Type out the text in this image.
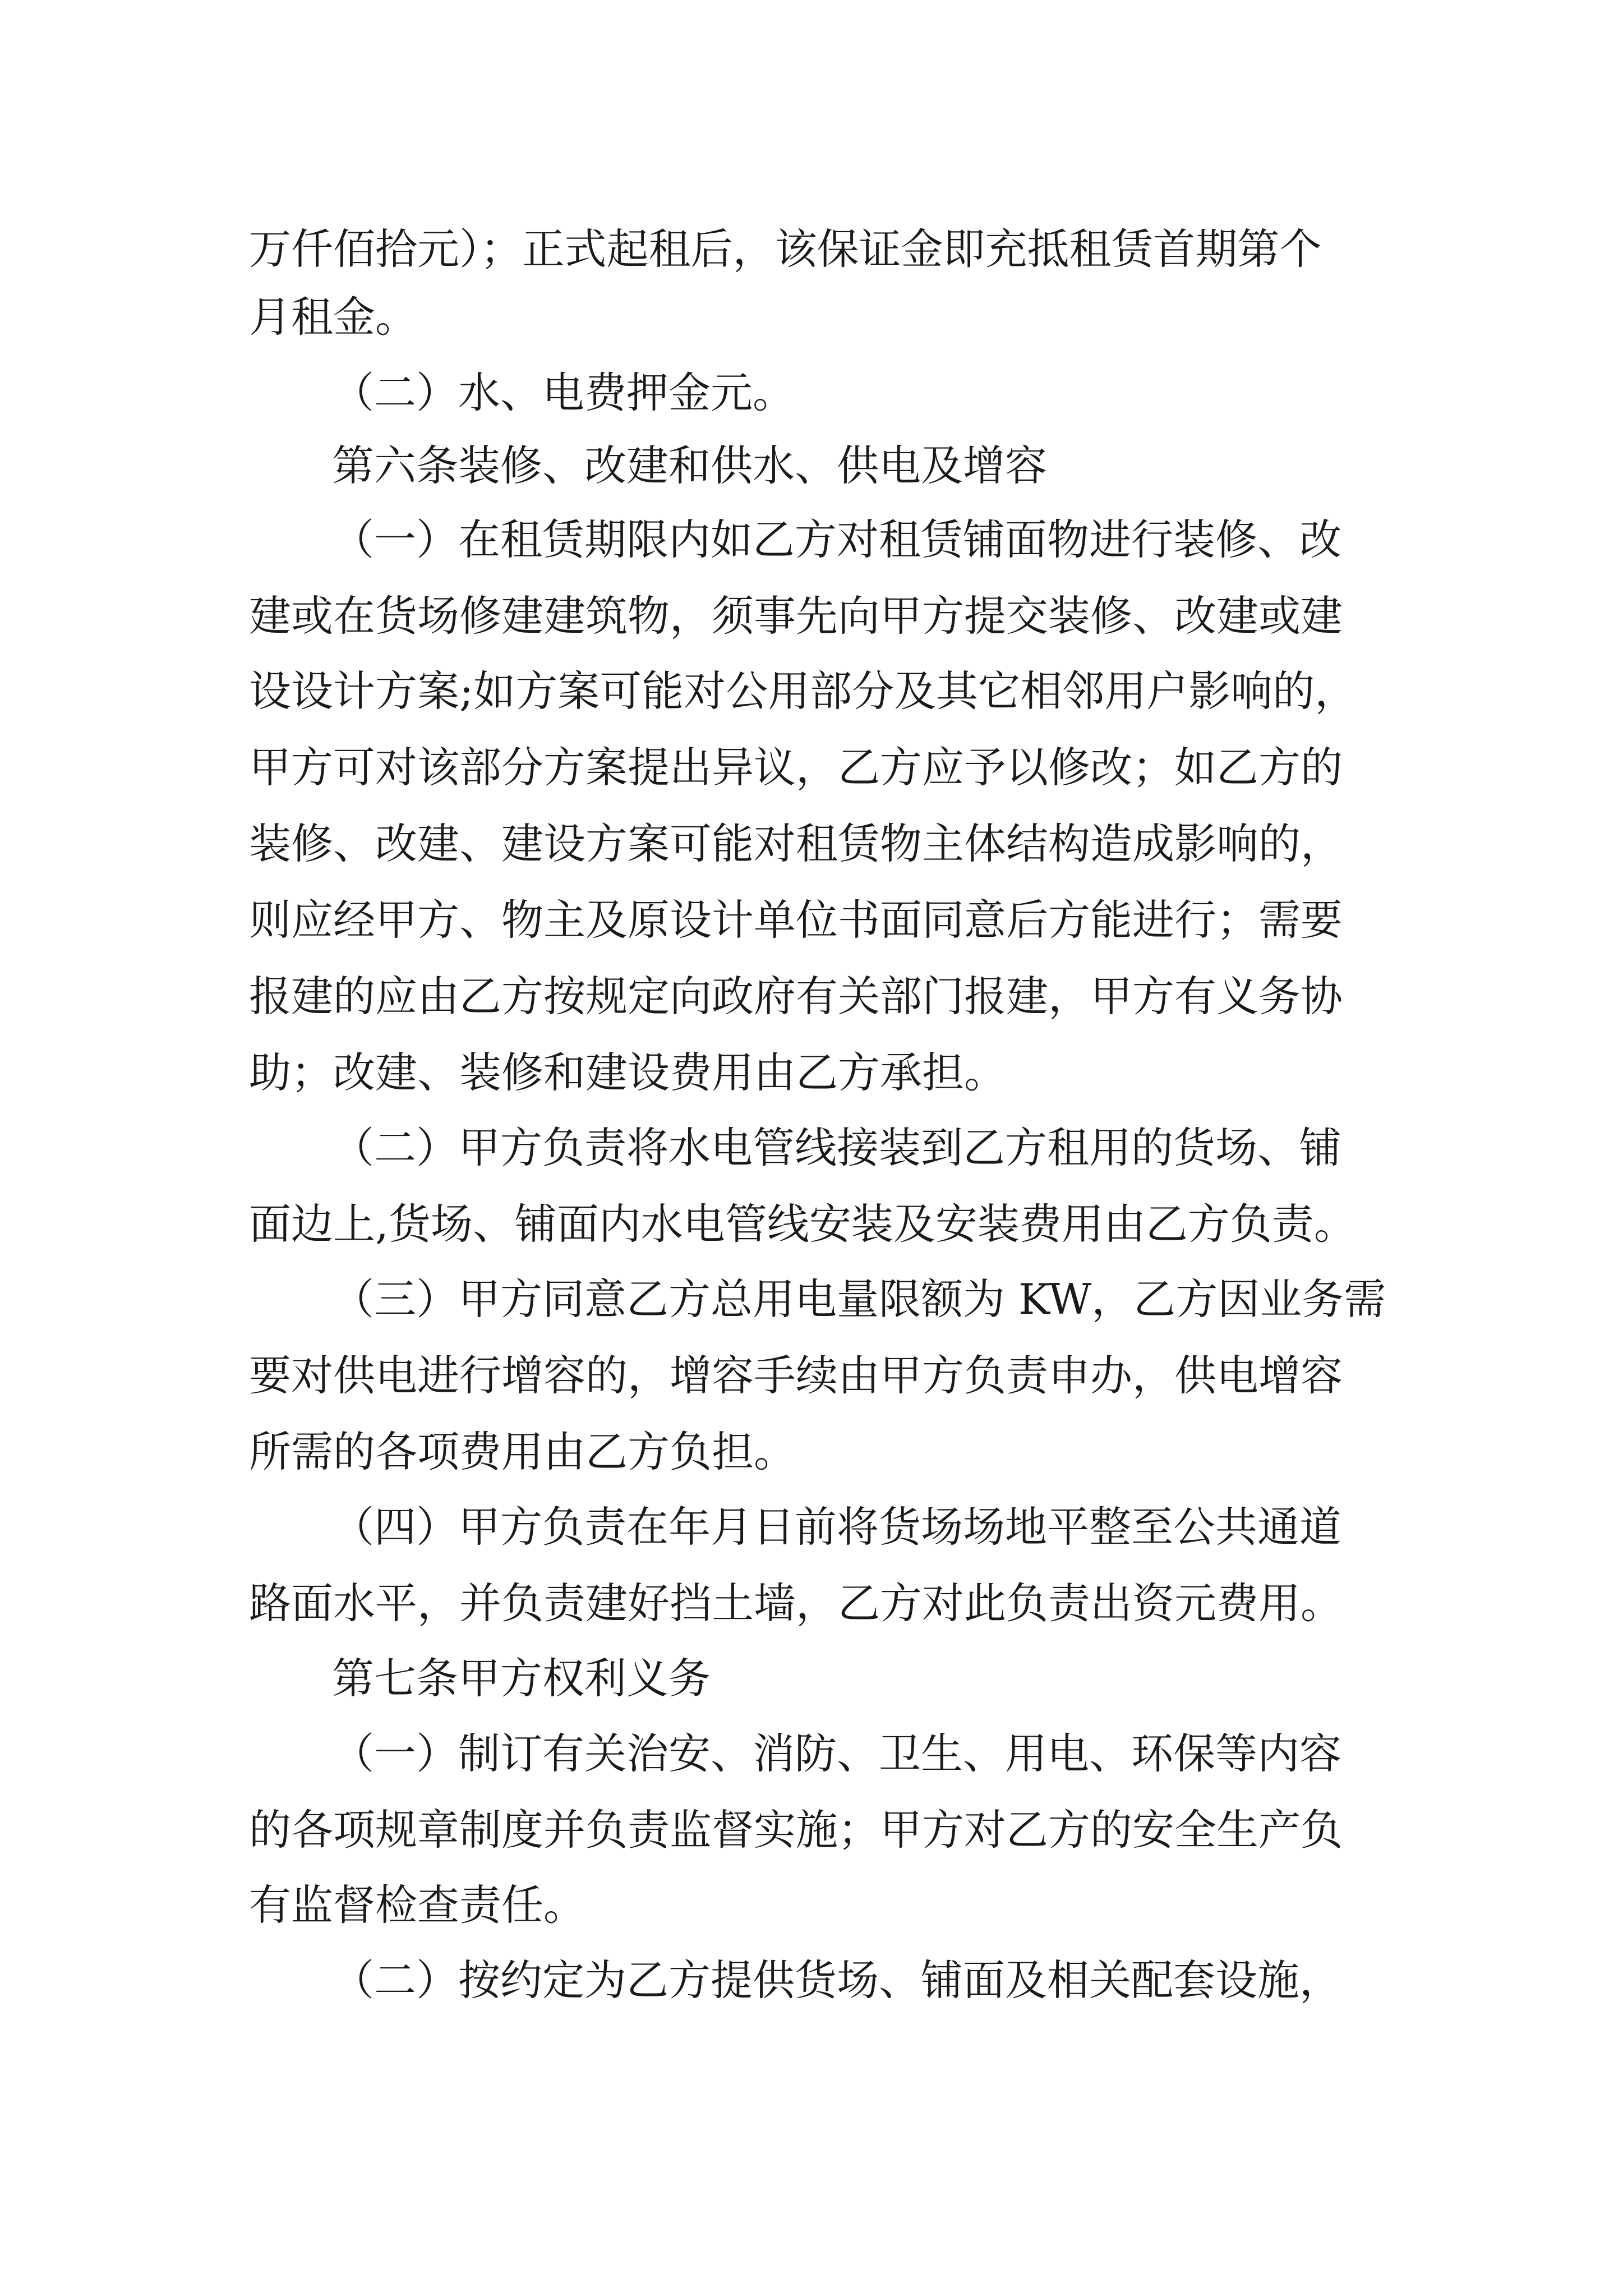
万仟佰拾元）；正式起租后，该保证金即充抵租赁首期第个

月租金。

（二）水、电费押金元。

第六条装修、改建和供水、供电及增容

（一）在租赁期限内如乙方对租赁铺面物进行装修、改

建或在货场修建建筑物，须事先向甲方提交装修、改建或建

设设计方案;如方案可能对公用部分及其它相邻用户影响的，

甲方可对该部分方案提出异议，乙方应予以修改；如乙方的

装修、改建、建设方案可能对租赁物主体结构造成影响的，

则应经甲方、物主及原设计单位书面同意后方能进行；需要

报建的应由乙方按规定向政府有关部门报建，甲方有义务协

助；改建、装修和建设费用由乙方承担。

（二）甲方负责将水电管线接装到乙方租用的货场、铺

面边上,货场、铺面内水电管线安装及安装费用由乙方负责。

（三）甲方同意乙方总用电量限额为 KW，乙方因业务需

要对供电进行增容的，增容手续由甲方负责申办，供电增容

所需的各项费用由乙方负担。

（四）甲方负责在年月日前将货场场地平整至公共通道

路面水平，并负责建好挡土墙，乙方对此负责出资元费用。

第七条甲方权利义务

（一）制订有关治安、消防、卫生、用电、环保等内容

的各项规章制度并负责监督实施；甲方对乙方的安全生产负

有监督检查责任。

（二）按约定为乙方提供货场、铺面及相关配套设施，
